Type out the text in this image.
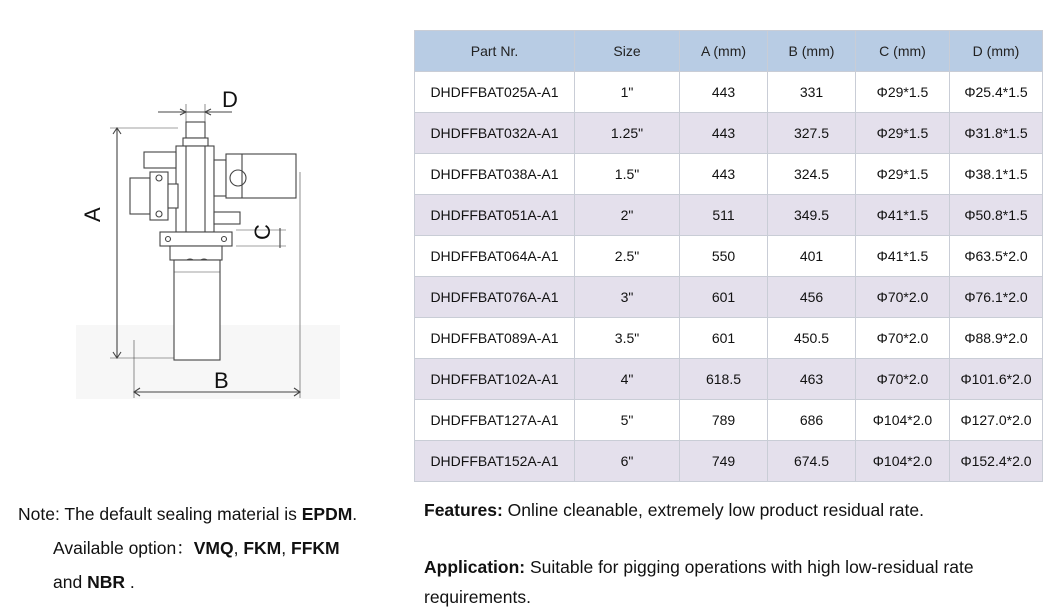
D
A
C
B
Part Nr.	Size	A (mm)	B (mm)	C (mm)	D (mm)
DHDFFBAT025A-A1	1"	443	331	Φ29*1.5	Φ25.4*1.5
DHDFFBAT032A-A1	1.25"	443	327.5	Φ29*1.5	Φ31.8*1.5
DHDFFBAT038A-A1	1.5"	443	324.5	Φ29*1.5	Φ38.1*1.5
DHDFFBAT051A-A1	2"	511	349.5	Φ41*1.5	Φ50.8*1.5
DHDFFBAT064A-A1	2.5"	550	401	Φ41*1.5	Φ63.5*2.0
DHDFFBAT076A-A1	3"	601	456	Φ70*2.0	Φ76.1*2.0
DHDFFBAT089A-A1	3.5"	601	450.5	Φ70*2.0	Φ88.9*2.0
DHDFFBAT102A-A1	4"	618.5	463	Φ70*2.0	Φ101.6*2.0
DHDFFBAT127A-A1	5"	789	686	Φ104*2.0	Φ127.0*2.0
DHDFFBAT152A-A1	6"	749	674.5	Φ104*2.0	Φ152.4*2.0
Note: The default sealing material is EPDM.
Available option：VMQ, FKM, FFKM
and NBR .
Features: Online cleanable, extremely low product residual rate.
Application: Suitable for pigging operations with high low-residual rate requirements.
